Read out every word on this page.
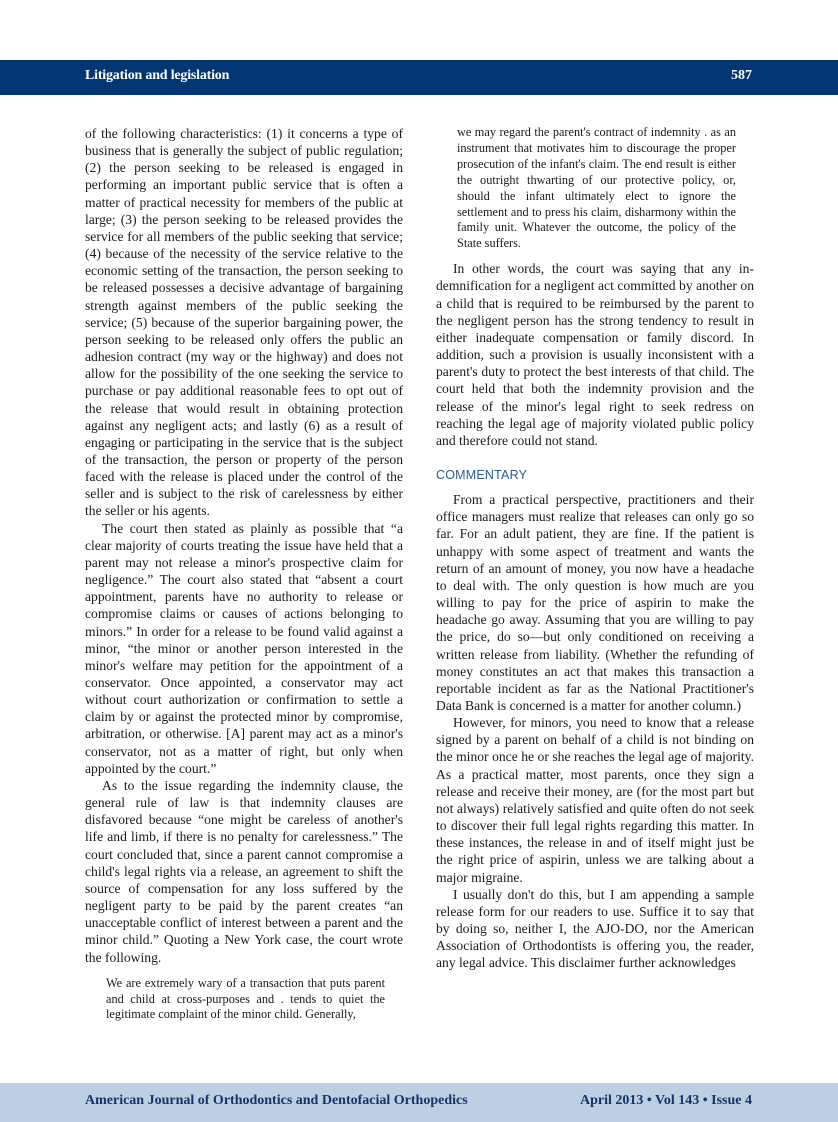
Litigation and legislation	587

of the following characteristics: (1) it concerns a type of business that is generally the subject of public regulation; (2) the person seeking to be released is engaged in performing an important public service that is often a matter of practical necessity for members of the public at large; (3) the person seeking to be released provides the service for all members of the public seeking that service; (4) because of the necessity of the service relative to the economic setting of the transaction, the person seeking to be released possesses a decisive advantage of bargaining strength against members of the public seeking the service; (5) because of the superior bargaining power, the person seeking to be released only offers the public an adhesion contract (my way or the highway) and does not allow for the possibility of the one seeking the service to purchase or pay additional reasonable fees to opt out of the release that would result in obtaining protection against any negligent acts; and lastly (6) as a result of engaging or participating in the service that is the subject of the transaction, the person or property of the person faced with the release is placed under the control of the seller and is subject to the risk of carelessness by either the seller or his agents.

The court then stated as plainly as possible that “a clear majority of courts treating the issue have held that a parent may not release a minor's prospective claim for negligence.” The court also stated that “absent a court appointment, parents have no authority to release or compromise claims or causes of actions belonging to minors.” In order for a release to be found valid against a minor, “the minor or another person interested in the minor's welfare may petition for the appointment of a conservator. Once appointed, a conservator may act without court authorization or confirmation to settle a claim by or against the protected minor by compromise, arbitration, or otherwise. [A] parent may act as a minor's conservator, not as a matter of right, but only when appointed by the court.”

As to the issue regarding the indemnity clause, the general rule of law is that indemnity clauses are disfavored because “one might be careless of another's life and limb, if there is no penalty for carelessness.” The court concluded that, since a parent cannot compromise a child's legal rights via a release, an agreement to shift the source of compensation for any loss suffered by the negligent party to be paid by the parent creates “an unacceptable conflict of interest between a parent and the minor child.” Quoting a New York case, the court wrote the following.

We are extremely wary of a transaction that puts parent and child at cross-purposes and . tends to quiet the legitimate complaint of the minor child. Generally,

we may regard the parent's contract of indemnity . as an instrument that motivates him to discourage the proper prosecution of the infant's claim. The end result is either the outright thwarting of our protective policy, or, should the infant ultimately elect to ignore the settlement and to press his claim, disharmony within the family unit. Whatever the outcome, the policy of the State suffers.

In other words, the court was saying that any indemnification for a negligent act committed by another on a child that is required to be reimbursed by the parent to the negligent person has the strong tendency to result in either inadequate compensation or family discord. In addition, such a provision is usually inconsistent with a parent's duty to protect the best interests of that child. The court held that both the indemnity provision and the release of the minor's legal right to seek redress on reaching the legal age of majority violated public policy and therefore could not stand.

COMMENTARY

From a practical perspective, practitioners and their office managers must realize that releases can only go so far. For an adult patient, they are fine. If the patient is unhappy with some aspect of treatment and wants the return of an amount of money, you now have a headache to deal with. The only question is how much are you willing to pay for the price of aspirin to make the headache go away. Assuming that you are willing to pay the price, do so—but only conditioned on receiving a written release from liability. (Whether the refunding of money constitutes an act that makes this transaction a reportable incident as far as the National Practitioner's Data Bank is concerned is a matter for another column.)

However, for minors, you need to know that a release signed by a parent on behalf of a child is not binding on the minor once he or she reaches the legal age of majority. As a practical matter, most parents, once they sign a release and receive their money, are (for the most part but not always) relatively satisfied and quite often do not seek to discover their full legal rights regarding this matter. In these instances, the release in and of itself might just be the right price of aspirin, unless we are talking about a major migraine.

I usually don't do this, but I am appending a sample release form for our readers to use. Suffice it to say that by doing so, neither I, the AJO-DO, nor the American Association of Orthodontists is offering you, the reader, any legal advice. This disclaimer further acknowledges

American Journal of Orthodontics and Dentofacial Orthopedics	April 2013 • Vol 143 • Issue 4
